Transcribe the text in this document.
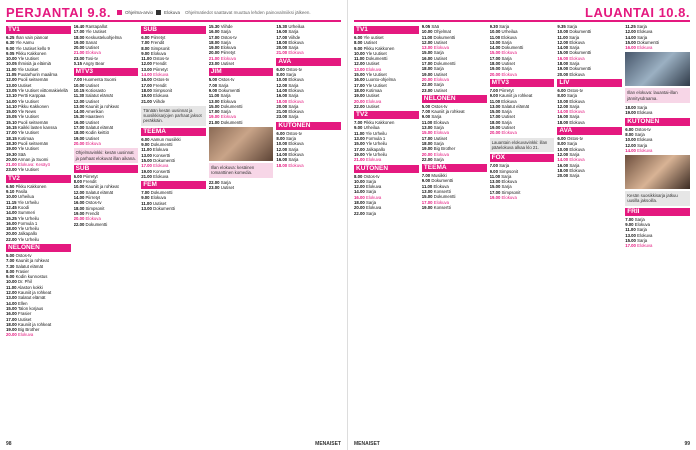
PERJANTAI 9.8.	Ohjelma-arvio Elokuva Ohjelmatiedot saattavat muuttua lehden painovalmiiksi jälkeen.
TV1
6.25 Ihan vain pianoa!
6.30 Yle Aamu
9.00 Yle Uutiset kello 9
9.05 Pikku Kakkonen
10.00 Yle Uutiset
10.05 Ihmisiä ja eläimiä
11.00 Yle Uutiset
11.05 Puutarhurin maailma
12.00 Puoli seitsemän
13.00 Uutiset
13.05 Yle Uutiset viittomakielellä
13.10 Pertti Karppaa
14.00 Yle Uutiset
14.10 Pikku Kakkonen
15.00 Yle News
15.05 Yle Uutiset
15.10 Puoli seitsemän
16.15 Kaikki lasten kanssa
17.00 Yle Uutiset
18.15 Kotimaa
18.30 Puoli seitsemän
19.00 Yle Uutiset
19.30 Sää
20.00 Arman ja Suomi
21.00 Elokuva: Kesäyö
23.00 Yle Uutiset
TV2
6.50 Pikku Kakkonen
9.10 Pasila
10.00 Urheilua
11.15 Yle Urheilu
12.45 Koodi
14.00 Summeri
15.25 Yle Urheilu
16.00 Formula 1
18.00 Yle Urheilu
20.00 Jalkapallo
22.00 Yle Urheilu
NELONEN
5.00 Ostos-tv
7.00 Kauniit ja rohkeat
7.30 Salatut elämät
8.00 Frasier
9.00 Kodin kunnostus
10.00 Dr. Phil
11.00 Alaston kokki
12.00 Kauniit ja rohkeat
13.00 Salatut elämät
14.00 Ellen
15.00 Talon korjaus
16.00 Frasier
17.00 Uutiset
18.00 Kauniit ja rohkeat
19.00 Big Brother
20.00 Elokuva
16.40 Rantapallot
17.00 Yle Uutiset
18.00 Keskusteluohjelma
19.00 Sanat
20.00 Uutiset
21.00 Elokuva
23.00 Tosi-tv
0.15 Angry Bear
MTV3
7.00 Huomenta Suomi
10.00 Uutiset
10.15 Kotiosasto
11.30 Salatut elämät
12.00 Uutiset
13.00 Kauniit ja rohkeat
14.00 Amerikan
15.30 Haasteen
16.00 Uutiset
17.00 Salatut elämät
18.00 Kodin keittiö
19.00 Uutiset
20.00 Elokuva
Ohjelmavinkki: kesän uusinnat ja parhaat elokuvat illan aikana.
SUB
6.00 Piirretyt
8.00 Frendit
10.00 Kauniit ja rohkeat
12.00 Salatut elämät
14.00 Piirretyt
16.00 Ostos-tv
18.00 Simpsonit
19.00 Frendit
20.00 Elokuva
22.00 Dokumentti
SUB
6.00 Piirretyt
7.00 Frendit
8.00 Simpsonit
9.00 Elokuva
11.00 Ostos-tv
12.00 Frendit
13.00 Piirretyt
14.00 Elokuva
16.00 Ostos-tv
17.00 Frendit
18.00 Simpsonit
19.00 Elokuva
21.00 Viihde
Tänään kesän uusinnat ja suosikkisarjojen parhaat jaksot peräkkäin.
TEEMA
6.00 Aamun musiikki
9.00 Dokumentti
11.00 Elokuva
13.00 Konsertti
15.00 Dokumentti
17.00 Elokuva
19.00 Konsertti
21.00 Elokuva
FEM
7.00 Dokumentti
9.00 Elokuva
11.00 Uutiset
13.00 Dokumentti
15.30 Viihde
16.00 Sarja
17.00 Ostos-tv
18.00 Sarja
19.00 Elokuva
20.00 Piirretyt
21.00 Elokuva
23.00 Uutiset
JIM
5.00 Ostos-tv
7.00 Sarja
9.00 Dokumentti
11.00 Sarja
13.00 Elokuva
15.00 Dokumentti
17.00 Sarja
19.00 Elokuva
21.00 Dokumentti
Illan elokuva: kesäinen romanttinen komedia.
22.00 Sarja
23.00 Uutiset
15.30 Urheilua
16.00 Sarja
17.00 Viihde
18.00 Elokuva
20.00 Sarja
21.00 Elokuva
AVA
6.00 Ostos-tv
8.00 Sarja
10.00 Elokuva
12.00 Sarja
14.00 Elokuva
16.00 Sarja
18.00 Elokuva
20.00 Sarja
21.00 Elokuva
23.00 Sarja
KUTONEN
6.00 Ostos-tv
8.00 Sarja
10.00 Elokuva
12.00 Sarja
14.00 Elokuva
16.00 Sarja
18.00 Elokuva
98	MENAISET
LAUANTAI 10.8.
TV1
6.00 Yle uutiset
8.00 Uutiset
9.00 Pikku Kakkonen
10.00 Yle Uutiset
11.00 Dokumentti
12.00 Uutiset
13.00 Elokuva
15.00 Yle Uutiset
16.00 Luonto-ohjelma
17.00 Yle Uutiset
18.00 Kotimaa
19.00 Uutiset
20.00 Elokuva
22.00 Uutiset
TV2
7.00 Pikku Kakkonen
9.00 Urheilua
11.00 Yle Urheilu
13.00 Formula 1
15.00 Yle Urheilu
17.00 Jalkapallo
19.00 Yle Urheilu
21.00 Elokuva
KUTONEN
8.00 Ostos-tv
10.00 Sarja
12.00 Elokuva
14.00 Sarja
16.00 Elokuva
18.00 Sarja
20.00 Elokuva
22.00 Sarja
9.05 Sää
10.00 Ohjelmat
11.00 Dokumentti
12.00 Uutiset
13.00 Elokuva
15.00 Sarja
16.00 Uutiset
17.00 Dokumentti
18.00 Sarja
19.00 Uutiset
20.00 Elokuva
22.00 Sarja
23.00 Uutiset
NELONEN
5.00 Ostos-tv
7.00 Kauniit ja rohkeat
9.00 Sarja
11.00 Elokuva
13.00 Sarja
15.00 Elokuva
17.00 Uutiset
18.00 Sarja
19.00 Big Brother
20.00 Elokuva
22.00 Sarja
TEEMA
7.00 Musiikki
9.00 Dokumentti
11.00 Elokuva
13.00 Konsertti
15.00 Dokumentti
17.00 Elokuva
19.00 Konsertti
9.30 Sarja
10.00 Urheilua
11.00 Elokuva
13.00 Sarja
14.00 Dokumentti
15.00 Elokuva
17.00 Sarja
18.00 Uutiset
19.00 Sarja
20.00 Elokuva
MTV3
7.00 Piirretyt
9.00 Kauniit ja rohkeat
11.00 Elokuva
13.00 Salatut elämät
15.00 Sarja
17.00 Uutiset
18.00 Sarja
19.00 Uutiset
20.00 Elokuva
Lauantain elokuvavinkki: illan pääelokuva alkaa klo 21.
FOX
7.00 Sarja
9.00 Simpsonit
11.00 Sarja
13.00 Elokuva
15.00 Sarja
17.00 Simpsonit
19.00 Elokuva
9.35 Sarja
10.00 Dokumentti
11.00 Sarja
12.00 Elokuva
14.00 Sarja
15.00 Dokumentti
16.00 Elokuva
18.00 Sarja
19.00 Dokumentti
20.00 Elokuva
LIV
6.00 Ostos-tv
8.00 Sarja
10.00 Elokuva
12.00 Sarja
14.00 Elokuva
16.00 Sarja
18.00 Elokuva
AVA
6.00 Ostos-tv
8.00 Sarja
10.00 Elokuva
12.00 Sarja
14.00 Elokuva
16.00 Sarja
18.00 Elokuva
20.00 Sarja
11.25 Sarja
12.00 Elokuva
14.00 Sarja
15.00 Dokumentti
16.00 Elokuva
Illan elokuva: lauantai-illan jännitysdraama.
18.00 Sarja
19.00 Elokuva
KUTONEN
6.00 Ostos-tv
8.00 Sarja
10.00 Elokuva
12.00 Sarja
14.00 Elokuva
Kesän suosikkisarja jatkuu uusilla jaksoilla.
FRII
7.00 Sarja
9.00 Elokuva
11.00 Sarja
13.00 Elokuva
15.00 Sarja
17.00 Elokuva
MENAISET	99
